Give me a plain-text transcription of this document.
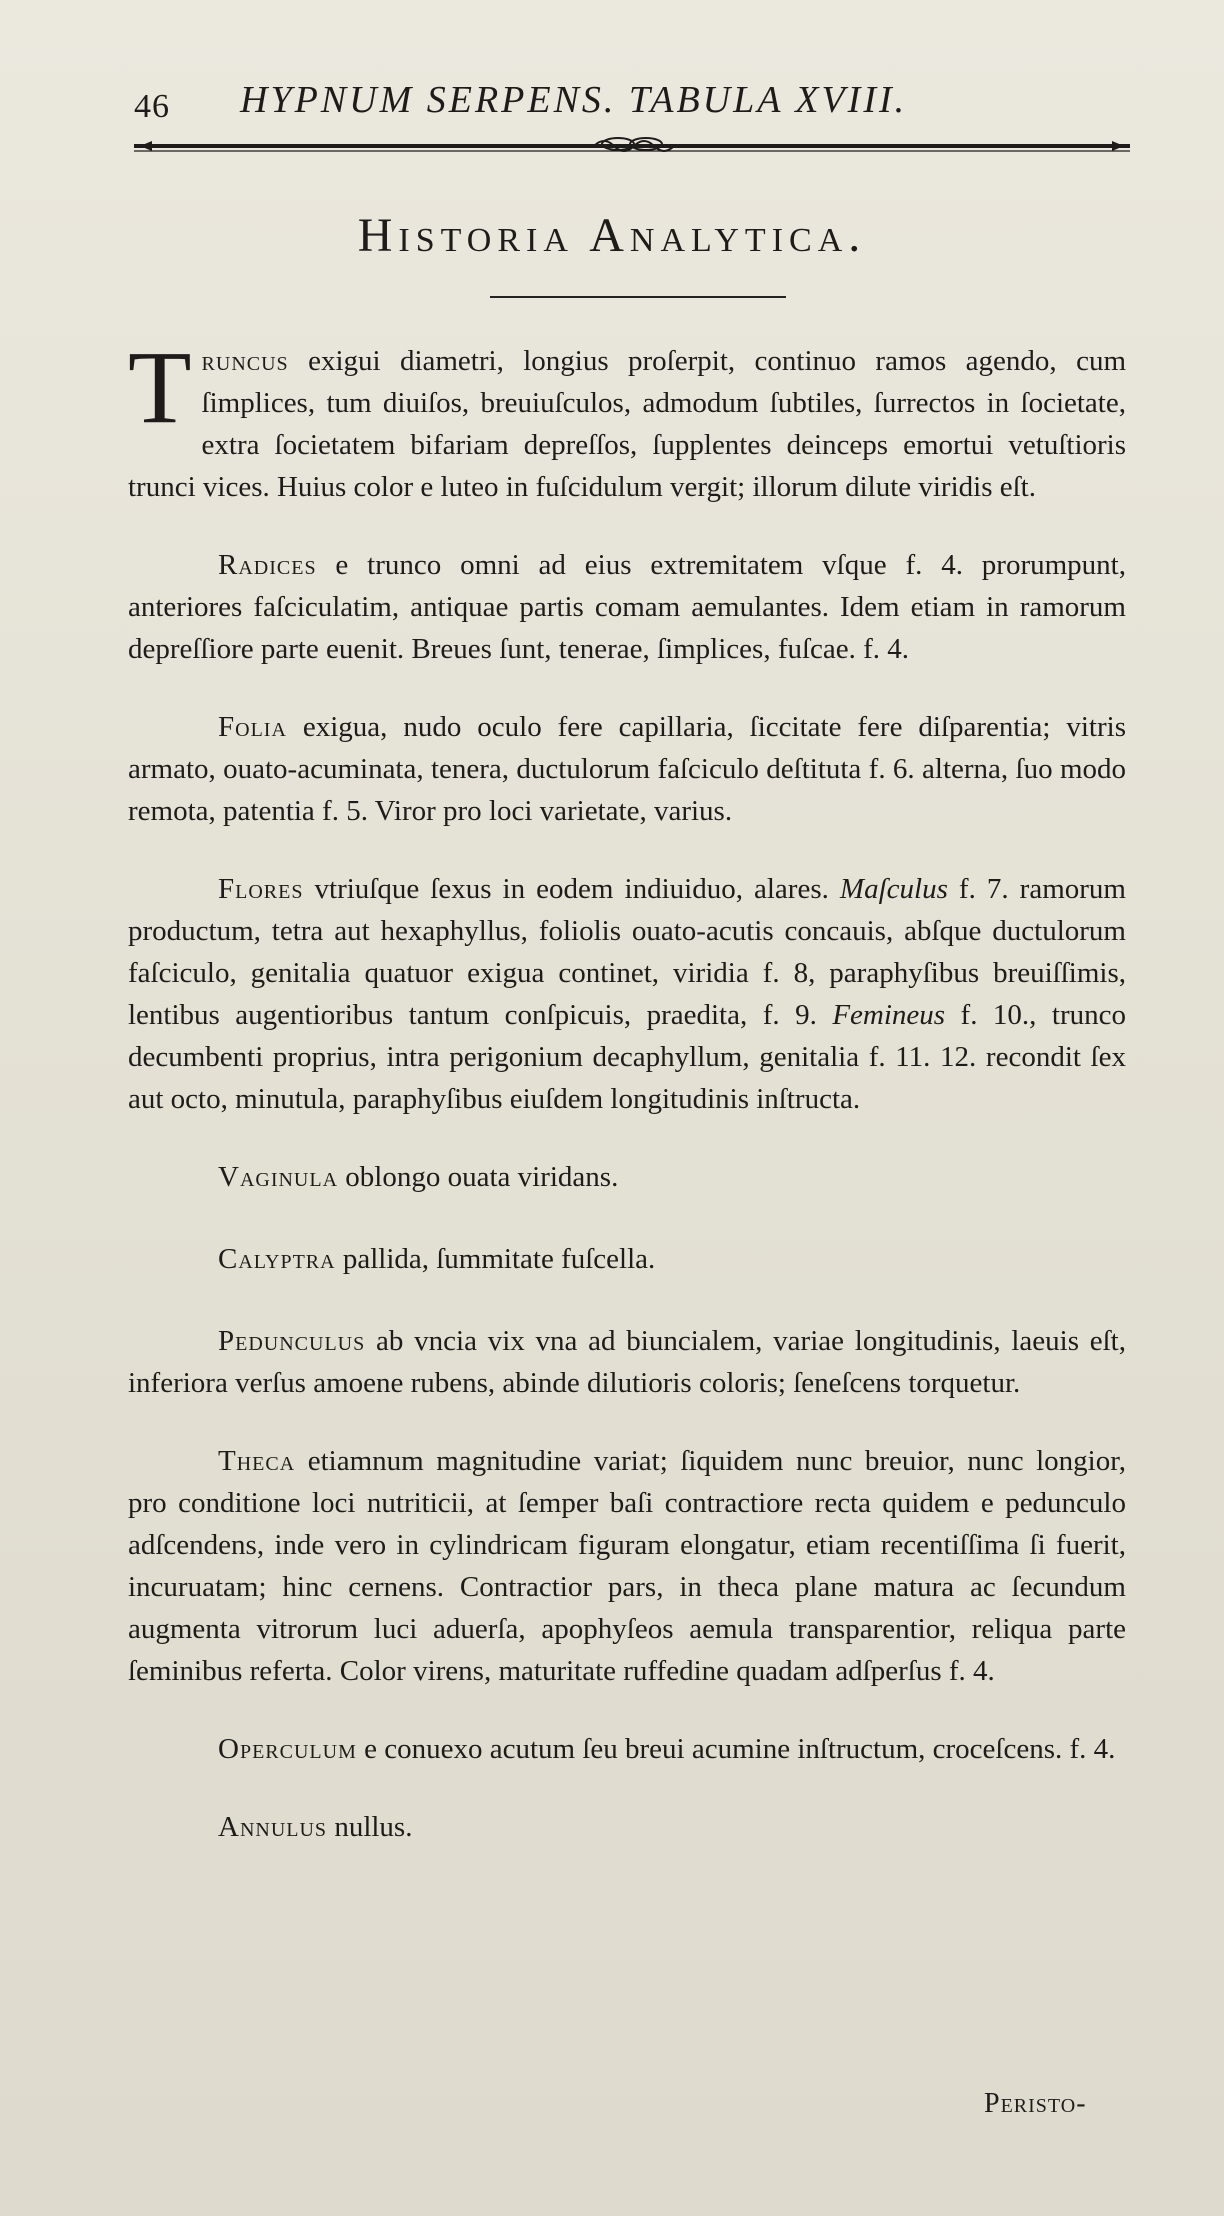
46 HYPNUM SERPENS. TABULA XVIII.
Historia Analytica.

Truncus exigui diametri, longius proſerpit, continuo ramos agendo, cum ſimplices, tum diuiſos, breuiuſculos, admodum ſubtiles, ſurrectos in ſocietate, extra ſocietatem bifariam depreſſos, ſupplentes deinceps emortui vetuſtioris trunci vices. Huius color e luteo in fuſcidulum vergit; illorum dilute viridis eſt.

Radices e trunco omni ad eius extremitatem vſque f. 4. prorumpunt, anteriores faſciculatim, antiquae partis comam aemulantes. Idem etiam in ramorum depreſſiore parte euenit. Breues ſunt, tenerae, ſimplices, fuſcae. f. 4.

Folia exigua, nudo oculo fere capillaria, ſiccitate fere diſparentia; vitris armato, ouato-acuminata, tenera, ductulorum faſciculo deſtituta f. 6. alterna, ſuo modo remota, patentia f. 5. Viror pro loci varietate, varius.

Flores vtriuſque ſexus in eodem indiuiduo, alares. Maſculus f. 7. ramorum productum, tetra aut hexaphyllus, foliolis ouato-acutis concauis, abſque ductulorum faſciculo, genitalia quatuor exigua continet, viridia f. 8, paraphyſibus breuiſſimis, lentibus augentioribus tantum conſpicuis, praedita, f. 9. Femineus f. 10., trunco decumbenti proprius, intra perigonium decaphyllum, genitalia f. 11. 12. recondit ſex aut octo, minutula, paraphyſibus eiuſdem longitudinis inſtructa.

Vaginula oblongo ouata viridans.

Calyptra pallida, ſummitate fuſcella.

Pedunculus ab vncia vix vna ad biuncialem, variae longitudinis, laeuis eſt, inferiora verſus amoene rubens, abinde dilutioris coloris; ſeneſcens torquetur.

Theca etiamnum magnitudine variat; ſiquidem nunc breuior, nunc longior, pro conditione loci nutriticii, at ſemper baſi contractiore recta quidem e pedunculo adſcendens, inde vero in cylindricam figuram elongatur, etiam recentiſſima ſi fuerit, incuruatam; hinc cernens. Contractior pars, in theca plane matura ac ſecundum augmenta vitrorum luci aduerſa, apophyſeos aemula transparentior, reliqua parte ſeminibus referta. Color virens, maturitate ruffedine quadam adſperſus f. 4.

Operculum e conuexo acutum ſeu breui acumine inſtructum, croceſcens. f. 4.

Annulus nullus.

Peristo-
